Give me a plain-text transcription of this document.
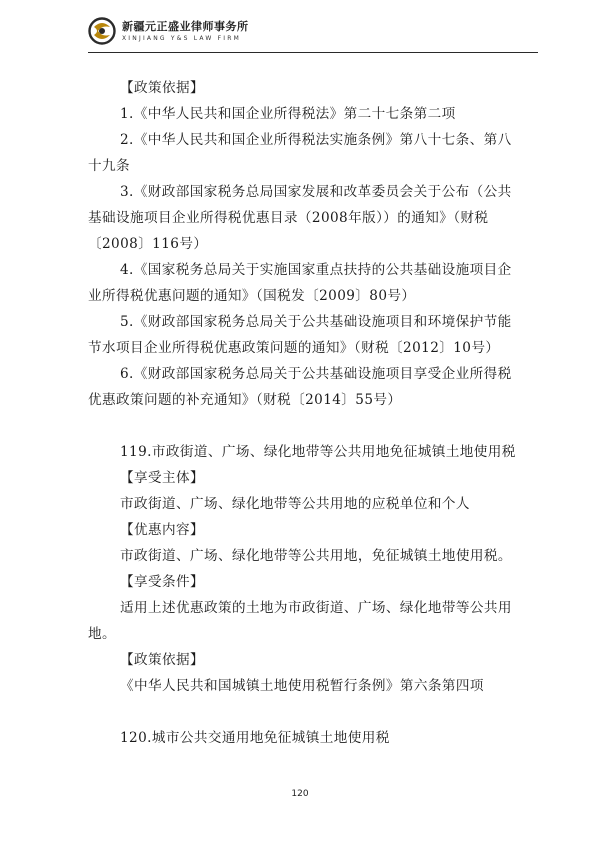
新疆元正盛业律师事务所
XINJIANG Y&S LAW FIRM
【政策依据】
1.《中华人民共和国企业所得税法》第二十七条第二项
2.《中华人民共和国企业所得税法实施条例》第八十七条、第八
十九条
3.《财政部国家税务总局国家发展和改革委员会关于公布（公共
基础设施项目企业所得税优惠目录（2008年版））的通知》（财税
〔2008〕116号）
4.《国家税务总局关于实施国家重点扶持的公共基础设施项目企
业所得税优惠问题的通知》（国税发〔2009〕80号）
5.《财政部国家税务总局关于公共基础设施项目和环境保护节能
节水项目企业所得税优惠政策问题的通知》（财税〔2012〕10号）
6.《财政部国家税务总局关于公共基础设施项目享受企业所得税
优惠政策问题的补充通知》（财税〔2014〕55号）
119.市政街道、广场、绿化地带等公共用地免征城镇土地使用税
【享受主体】
市政街道、广场、绿化地带等公共用地的应税单位和个人
【优惠内容】
市政街道、广场、绿化地带等公共用地，免征城镇土地使用税。
【享受条件】
适用上述优惠政策的土地为市政街道、广场、绿化地带等公共用
地。
【政策依据】
《中华人民共和国城镇土地使用税暂行条例》第六条第四项
120.城市公共交通用地免征城镇土地使用税
120
